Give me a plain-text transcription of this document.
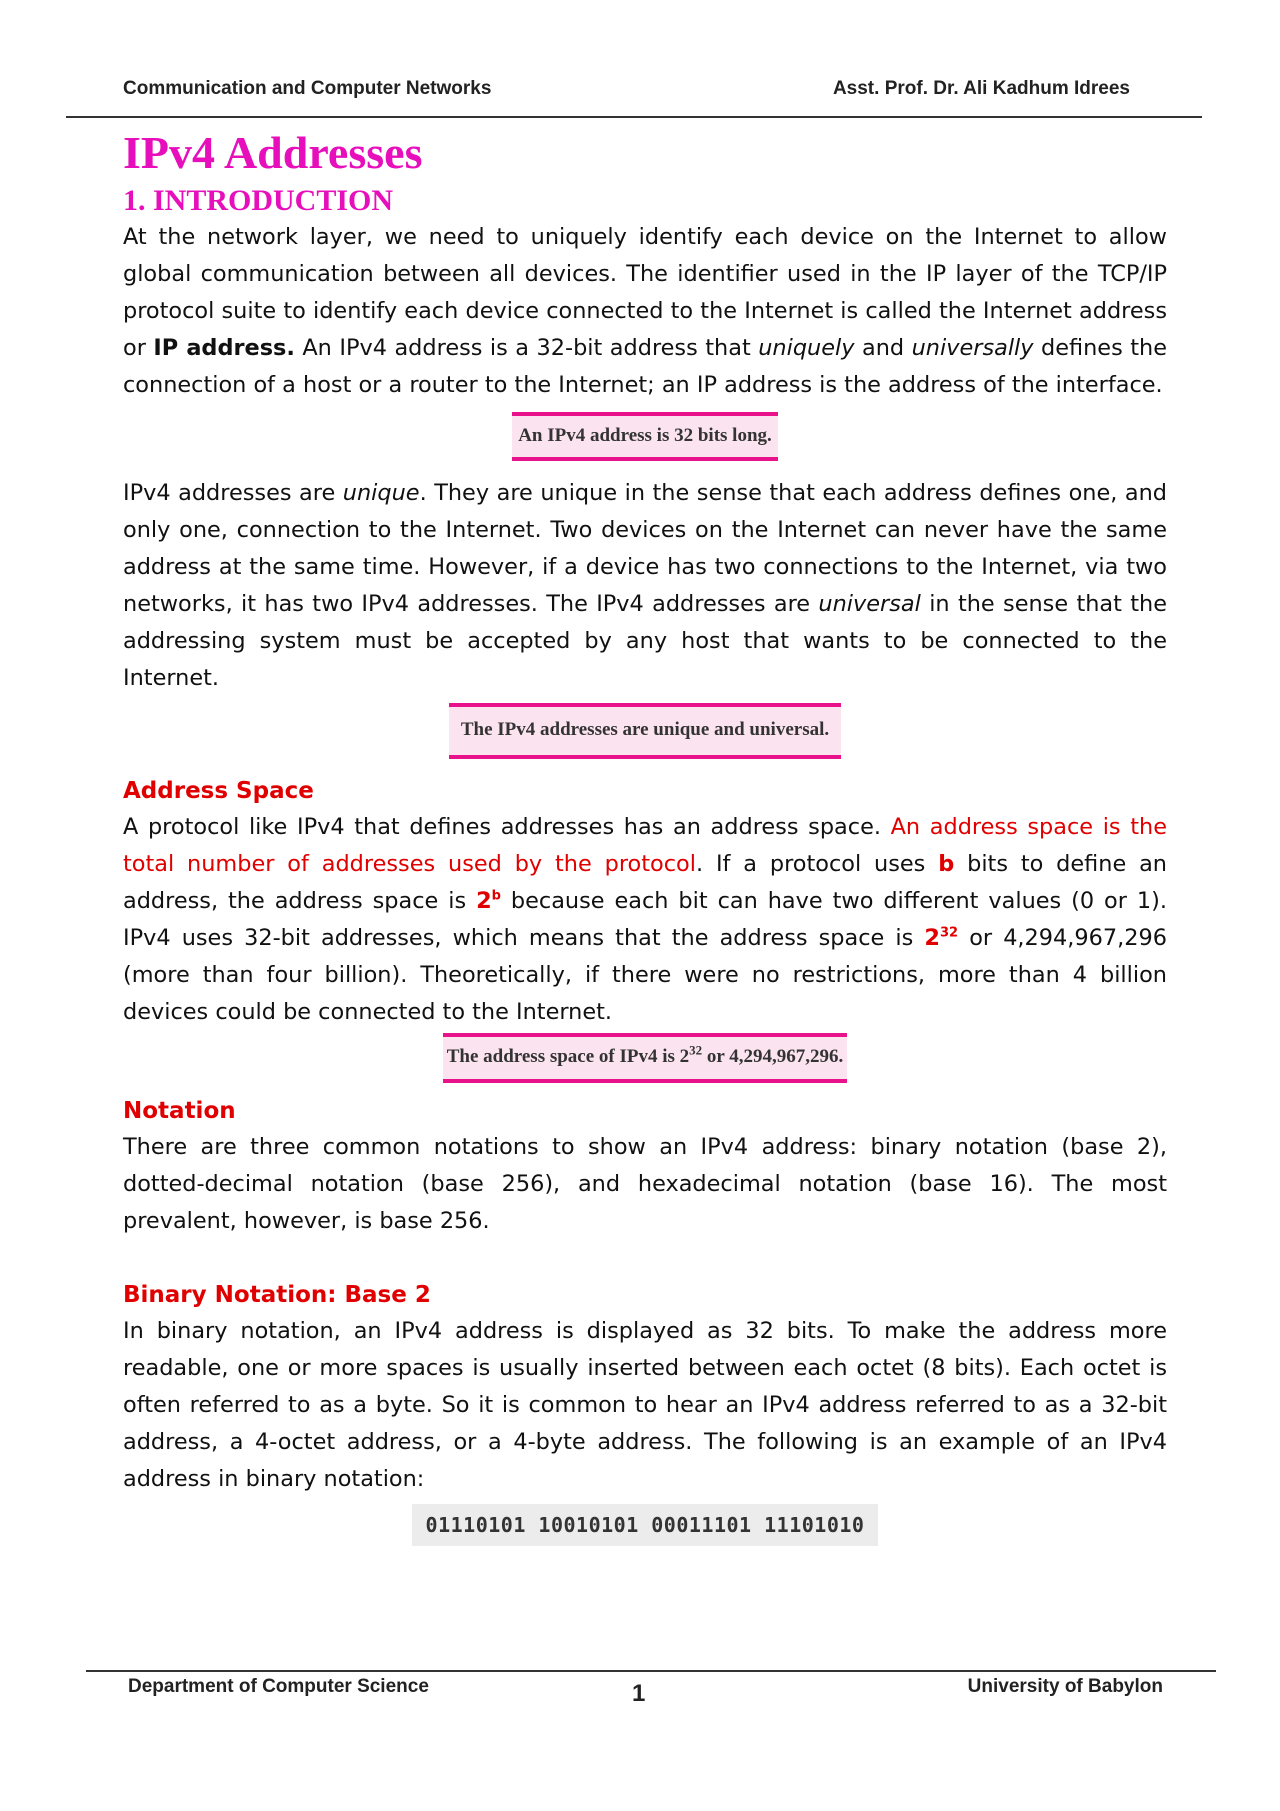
Communication and Computer Networks	Asst. Prof. Dr. Ali Kadhum Idrees
IPv4 Addresses
1. INTRODUCTION

At the network layer, we need to uniquely identify each device on the Internet to allow global communication between all devices. The identifier used in the IP layer of the TCP/IP protocol suite to identify each device connected to the Internet is called the Internet address or IP address. An IPv4 address is a 32-bit address that uniquely and universally defines the connection of a host or a router to the Internet; an IP address is the address of the interface.

An IPv4 address is 32 bits long.

IPv4 addresses are unique. They are unique in the sense that each address defines one, and only one, connection to the Internet. Two devices on the Internet can never have the same address at the same time. However, if a device has two connections to the Internet, via two networks, it has two IPv4 addresses. The IPv4 addresses are universal in the sense that the addressing system must be accepted by any host that wants to be connected to the Internet.

The IPv4 addresses are unique and universal.
Address Space

A protocol like IPv4 that defines addresses has an address space. An address space is the total number of addresses used by the protocol. If a protocol uses b bits to define an address, the address space is 2$^b$ because each bit can have two different values (0 or 1). IPv4 uses 32-bit addresses, which means that the address space is $2^{32}$ or 4,294,967,296 (more than four billion). Theoretically, if there were no restrictions, more than 4 billion devices could be connected to the Internet.

The address space of IPv4 is $2^{32}$ or 4,294,967,296.
Notation

There are three common notations to show an IPv4 address: binary notation (base 2), dotted-decimal notation (base 256), and hexadecimal notation (base 16). The most prevalent, however, is base 256.

Binary Notation: Base 2

In binary notation, an IPv4 address is displayed as 32 bits. To make the address more readable, one or more spaces is usually inserted between each octet (8 bits). Each octet is often referred to as a byte. So it is common to hear an IPv4 address referred to as a 32-bit address, a 4-octet address, or a 4-byte address. The following is an example of an IPv4 address in binary notation:

01110101 10010101 00011101 11101010
Department of Computer Science	1	University of Babylon
